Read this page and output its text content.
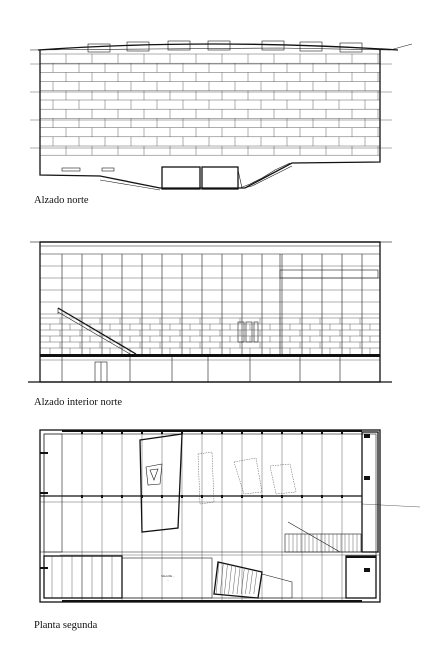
Alzado norte
Alzado interior norte
SALA DE ...
...
Planta segunda
